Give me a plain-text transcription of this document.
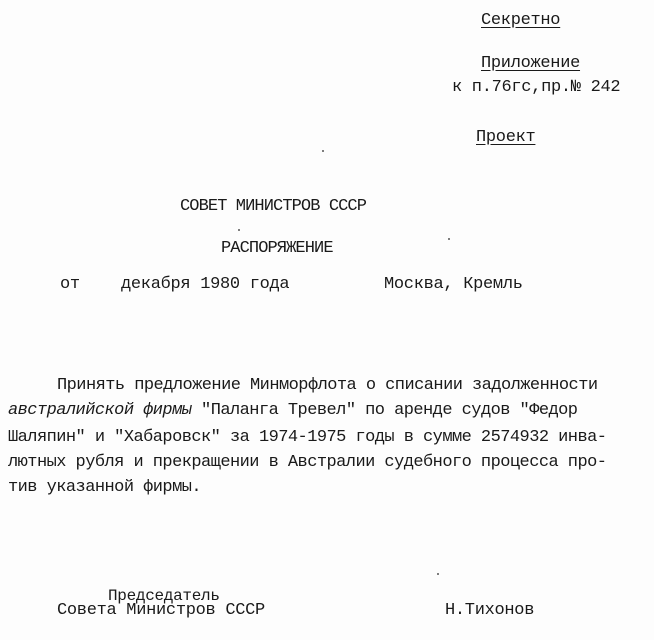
Секретно
Приложение
к п.76гс,пр.№ 242
Проект
СОВЕТ МИНИСТРОВ СССР
РАСПОРЯЖЕНИЕ
от декабря 1980 года	Москва, Кремль
Принять предложение Минморфлота о списании задолженности
австралийской фирмы "Паланга Тревел" по аренде судов "Федор
Шаляпин" и "Хабаровск" за 1974-1975 годы в сумме 2574932 инва-
лютных рубля и прекращении в Австралии судебного процесса про-
тив указанной фирмы.
Председатель
Совета Министров СССР	Н.Тихонов
